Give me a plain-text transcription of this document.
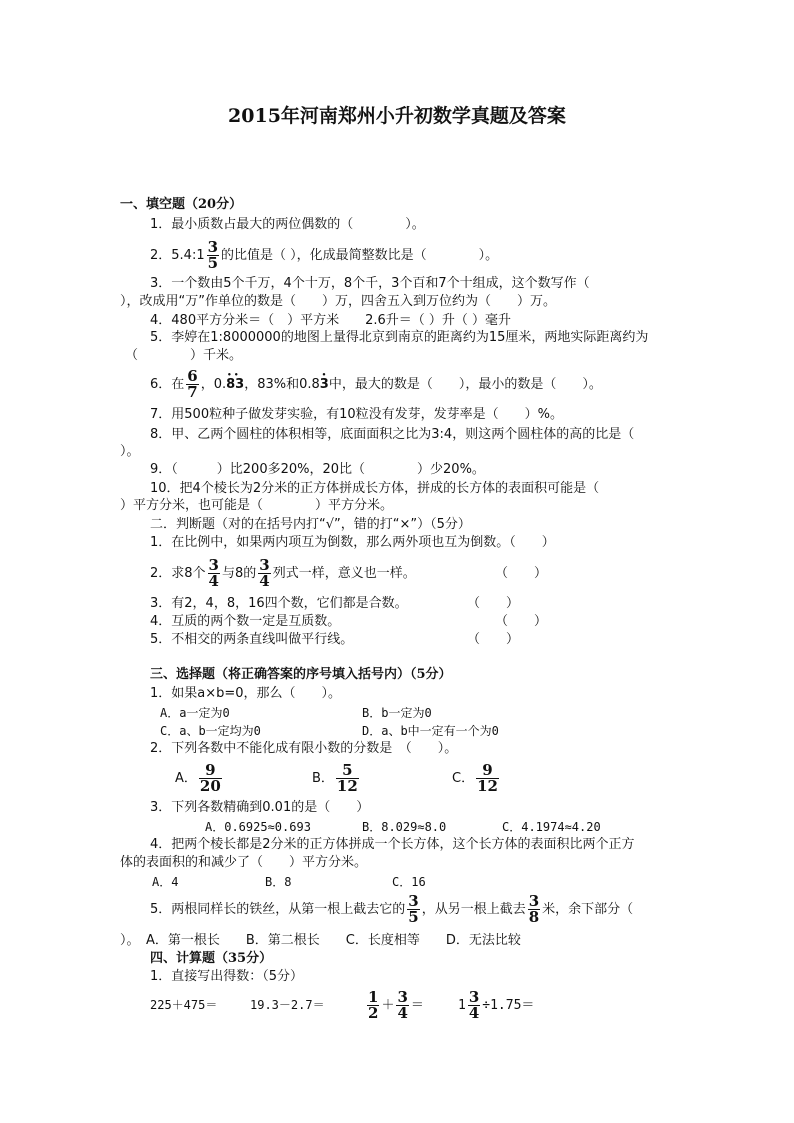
2015年河南郑州小升初数学真题及答案
一、填空题（20分）
1．最小质数占最大的两位偶数的（　　　　）。
2．5.4:1 $\frac{3}{5}$ 的比值是（ ），化成最简整数比是（　　　　）。
3．一个数由5个千万，4个十万，8个千，3个百和7个十组成，这个数写作（
），改成用“万”作单位的数是（　　）万，四舍五入到万位约为（　　）万。
4．480平方分米＝（　）平方米　　2.6升＝（ ）升（ ）毫升
5．李婷在1:8000000的地图上量得北京到南京的距离约为15厘米，两地实际距离约为
（　　　　）千米。
6．在 $\frac{6}{7}$ ，0.• • 83，83%和0.8• 3中，最大的数是（　　），最小的数是（　　）。
7．用500粒种子做发芽实验，有10粒没有发芽，发芽率是（　　）%。
8．甲、乙两个圆柱的体积相等，底面面积之比为3:4，则这两个圆柱体的高的比是（
）。
9．（　　　）比200多20%，20比（　　　　）少20%。
10．把4个棱长为2分米的正方体拼成长方体，拼成的长方体的表面积可能是（
）平方分米，也可能是（　　　　）平方分米。
二．判断题（对的在括号内打“√”，错的打“×”）（5分）
1．在比例中，如果两内项互为倒数，那么两外项也互为倒数。（　　）
2．求8个 $\frac{3}{4}$ 与8的 $\frac{3}{4}$ 列式一样，意义也一样。	（　　）
3．有2，4，8，16四个数，它们都是合数。	（　　）
4．互质的两个数一定是互质数。	（　　）
5．不相交的两条直线叫做平行线。	（　　）
三、选择题（将正确答案的序号填入括号内）（5分）
1．如果a×b=0，那么（　　）。
A．a一定为0	B．b一定为0
C．a、b一定均为0	D．a、b中一定有一个为0
2．下列各数中不能化成有限小数的分数是　（　　）。
A． $\frac{9}{20}$	B． $\frac{5}{12}$	C． $\frac{9}{12}$
3．下列各数精确到0.01的是（　　）
A．0.6925≈0.693	B．8.029≈8.0	C．4.1974≈4.20
4．把两个棱长都是2分米的正方体拼成一个长方体，这个长方体的表面积比两个正方
体的表面积的和减少了（　　）平方分米。
A．4	B．8	C．16
5．两根同样长的铁丝，从第一根上截去它的 $\frac{3}{5}$ ，从另一根上截去 $\frac{3}{8}$ 米，余下部分（
）。　A．第一根长　　B．第二根长　　C．长度相等　　D．无法比较
四、计算题（35分）
1．直接写出得数：（5分）
225＋475＝	19.3－2.7＝	$\frac{1}{2} + \frac{3}{4}$ ＝	$1 \frac{3}{4} \div 1.75=$
